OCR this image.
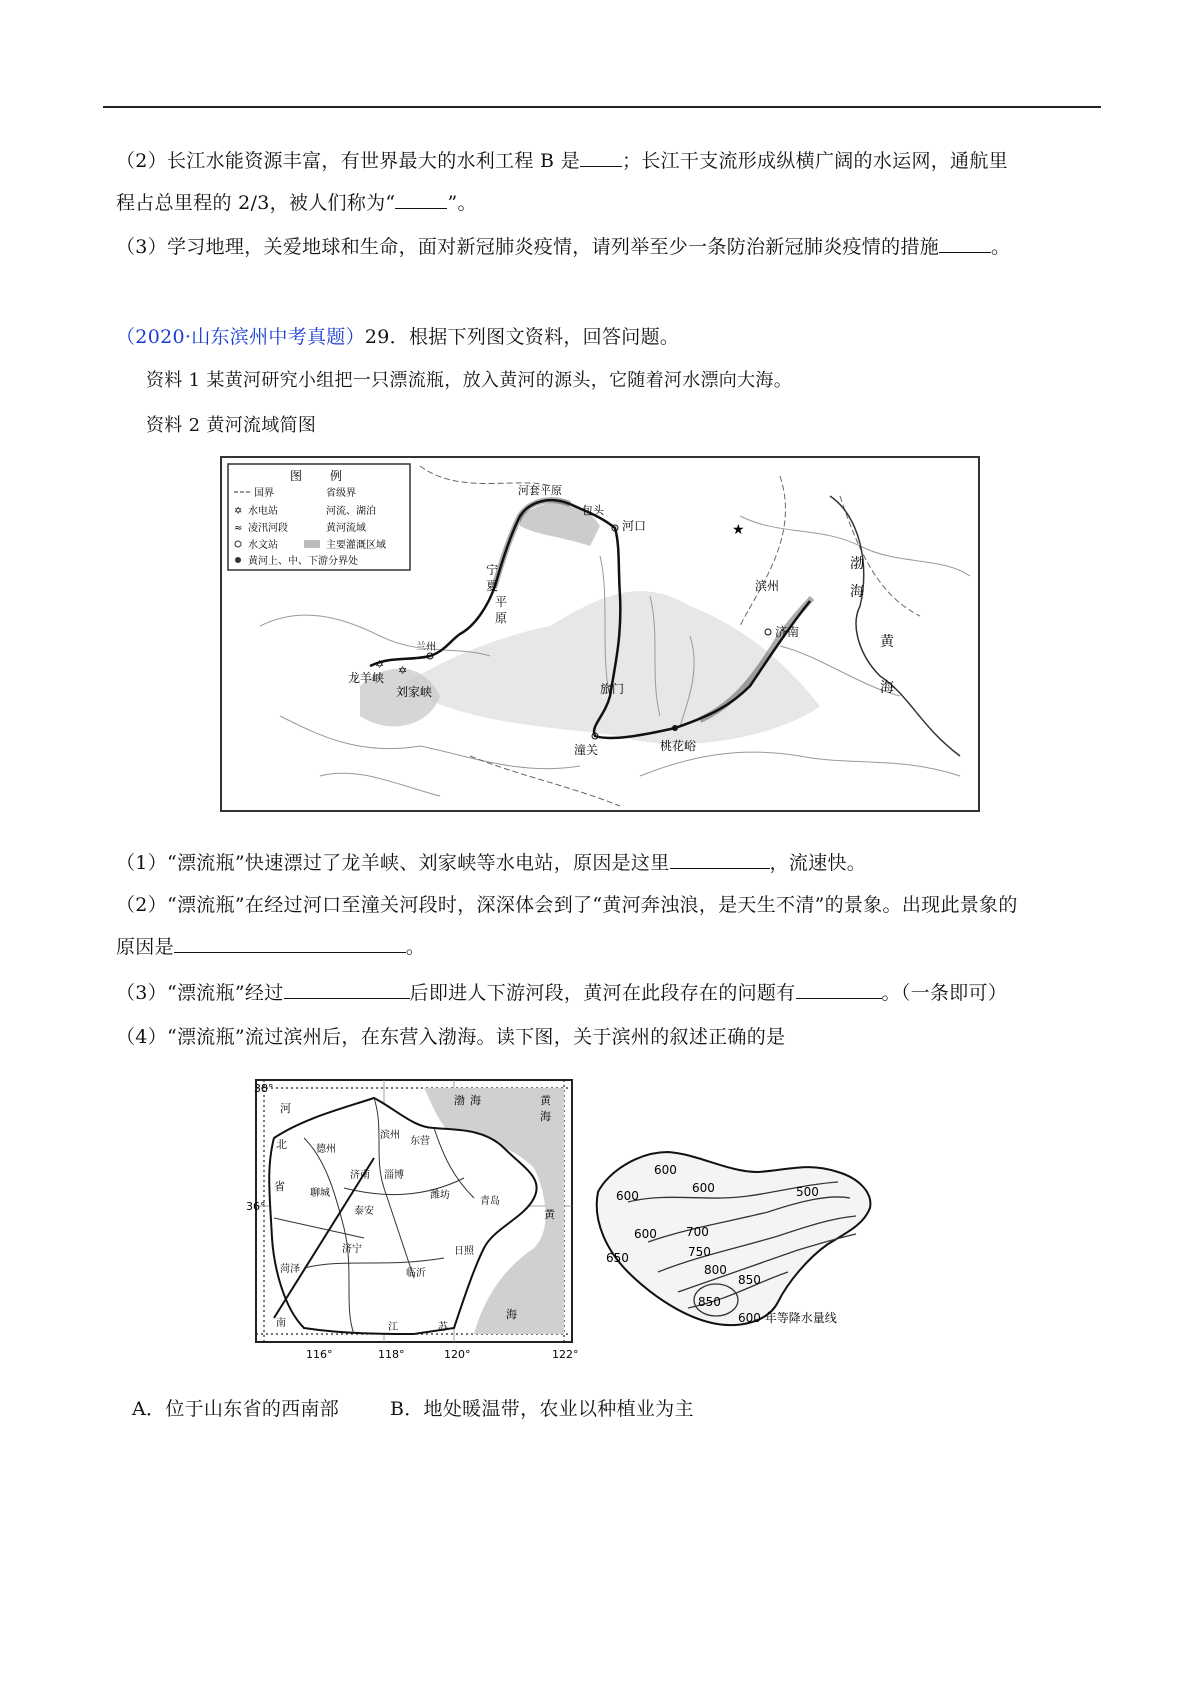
（2）长江水能资源丰富，有世界最大的水利工程 B 是 ；长江干支流形成纵横广阔的水运网，通航里
程占总里程的 2/3，被人们称为“	”。
（3）学习地理，关爱地球和生命，面对新冠肺炎疫情，请列举至少一条防治新冠肺炎疫情的措施	。
（2020·山东滨州中考真题）29．根据下列图文资料，回答问题。
资料 1 某黄河研究小组把一只漂流瓶，放入黄河的源头，它随着河水漂向大海。
资料 2 黄河流域简图
图 例
国界	省级界
✡ 水电站	河流、湖泊
≈ 凌汛河段	黄河流域
水文站	主要灌溉区域
黄河上、中、下游分界处
河套平原
包头
河口	★
渤
海
滨州
济南
黄
海
宁
夏
平
原
兰州
✡
龙羊峡
✡
刘家峡	旅门
潼关	桃花峪
（1）“漂流瓶”快速漂过了龙羊峡、刘家峡等水电站，原因是这里	，流速快。
（2）“漂流瓶”在经过河口至潼关河段时，深深体会到了“黄河奔浊浪，是天生不清”的景象。出现此景象的
原因是	。
（3）“漂流瓶”经过	后即进人下游河段，黄河在此段存在的问题有	。（一条即可）
（4）“漂流瓶”流过滨州后，在东营入渤海。读下图，关于滨州的叙述正确的是
38°
36°
116°	118°	120°	122°
河
北
省
渤 海	黄
海
黄
海
德州
滨州
东营
聊城
济南 淄博
潍坊
青岛
泰安
济宁
临沂
日照
菏泽
江	苏
南
600
600
600	500
600
650
700
750
800
850
850
600 年等降水量线
A．位于山东省的西南部	B．地处暖温带，农业以种植业为主
